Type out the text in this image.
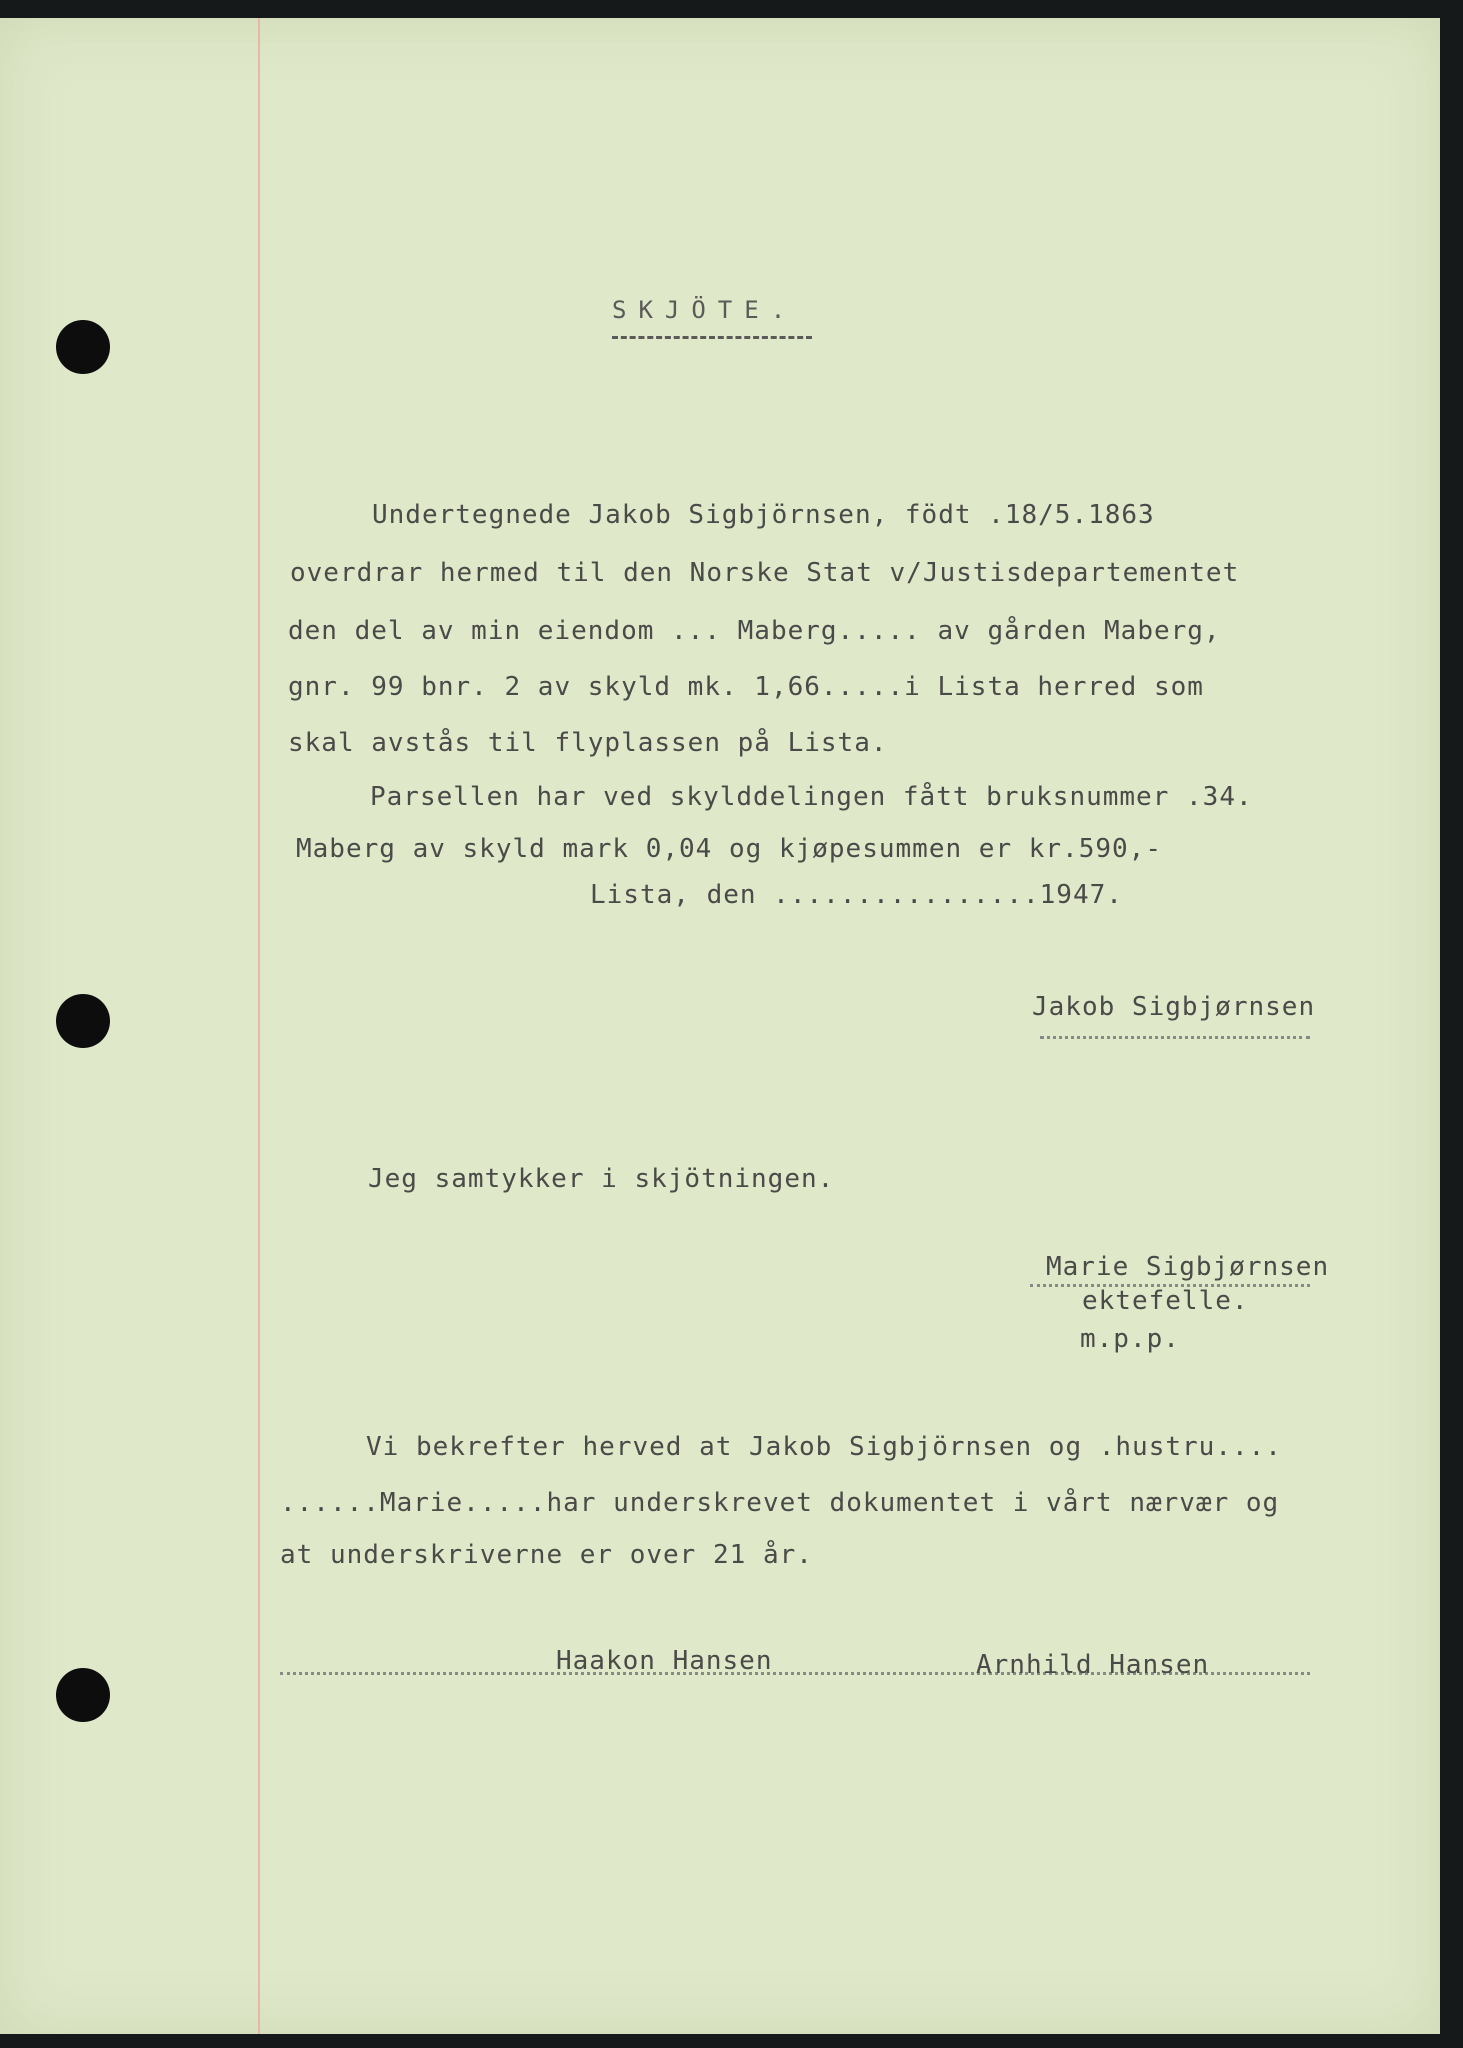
SKJÖTE.
Undertegnede Jakob Sigbjörnsen, födt .18/5.1863
overdrar hermed til den Norske Stat v/Justisdepartementet
den del av min eiendom ... Maberg..... av gården Maberg,
gnr. 99 bnr. 2 av skyld mk. 1,66.....i Lista herred som
skal avstås til flyplassen på Lista.
Parsellen har ved skylddelingen fått bruksnummer .34.
Maberg av skyld mark 0,04 og kjøpesummen er kr.590,-
Lista, den ................1947.
Jakob Sigbjørnsen
Jeg samtykker i skjötningen.
Marie Sigbjørnsen
ektefelle.
m.p.p.
Vi bekrefter herved at Jakob Sigbjörnsen og .hustru....
......Marie.....har underskrevet dokumentet i vårt nærvær og
at underskriverne er over 21 år.
Haakon Hansen	Arnhild Hansen
